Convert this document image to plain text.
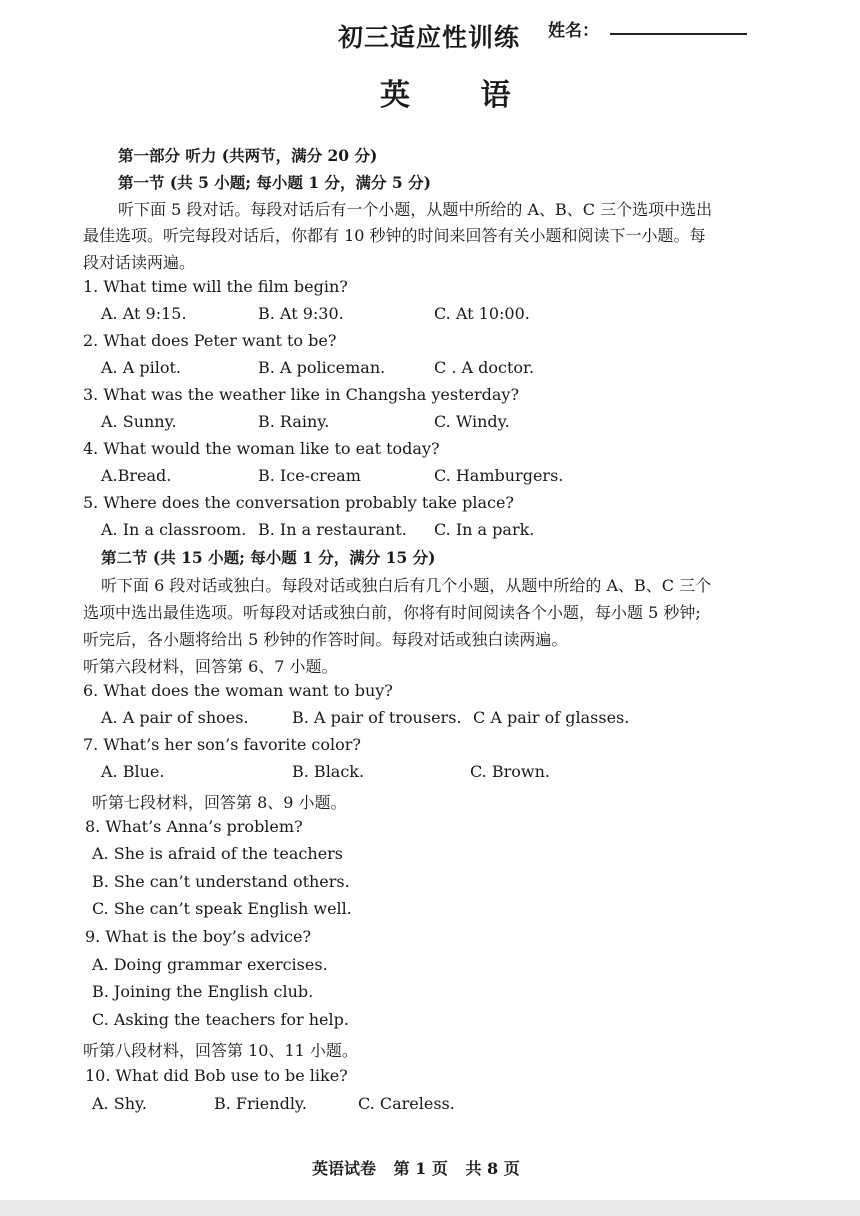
初三适应性训练 姓名：
英 语
第一部分 听力 (共两节，满分 20 分)
第一节 (共 5 小题; 每小题 1 分，满分 5 分)
听下面 5 段对话。每段对话后有一个小题，从题中所给的 A、B、C 三个选项中选出
最佳选项。听完每段对话后，你都有 10 秒钟的时间来回答有关小题和阅读下一小题。每
段对话读两遍。
1. What time will the film begin?
A. At 9:15.	B. At 9:30.	C. At 10:00.
2. What does Peter want to be?
A. A pilot.	B. A policeman.	C . A doctor.
3. What was the weather like in Changsha yesterday?
A. Sunny.	B. Rainy.	C. Windy.
4. What would the woman like to eat today?
A.Bread.	B. Ice-cream	C. Hamburgers.
5. Where does the conversation probably take place?
A. In a classroom. B. In a restaurant. C. In a park.
第二节 (共 15 小题; 每小题 1 分，满分 15 分)
听下面 6 段对话或独白。每段对话或独白后有几个小题，从题中所给的 A、B、C 三个
选项中选出最佳选项。听每段对话或独白前，你将有时间阅读各个小题，每小题 5 秒钟;
听完后，各小题将给出 5 秒钟的作答时间。每段对话或独白读两遍。
听第六段材料，回答第 6、7 小题。
6. What does the woman want to buy?
A. A pair of shoes.	B. A pair of trousers. C A pair of glasses.
7. What’s her son’s favorite color?
A. Blue.	B. Black.	C. Brown.
听第七段材料，回答第 8、9 小题。
8. What’s Anna’s problem?
A. She is afraid of the teachers
B. She can’t understand others.
C. She can’t speak English well.
9. What is the boy’s advice?
A. Doing grammar exercises.
B. Joining the English club.
C. Asking the teachers for help.
听第八段材料，回答第 10、11 小题。
10. What did Bob use to be like?
A. Shy.	B. Friendly.	C. Careless.
英语试卷 第 1 页 共 8 页
